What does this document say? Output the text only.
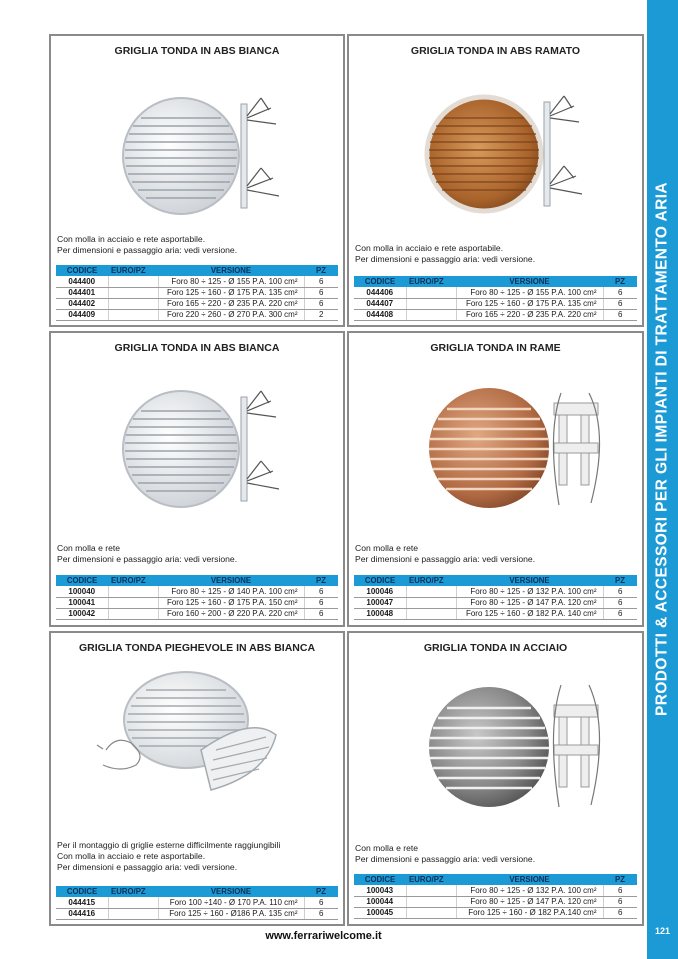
PRODOTTI & ACCESSORI PER GLI IMPIANTI DI TRATTAMENTO ARIA
121
GRIGLIA TONDA IN ABS BIANCA
Con molla in acciaio e rete asportabile.
Per dimensioni e passaggio aria: vedi versione.
CODICE	EURO/PZ	VERSIONE	PZ
044400		Foro 80 ÷ 125 - Ø 155 P.A. 100 cm²	6
044401		Foro 125 ÷ 160 - Ø 175 P.A. 135 cm²	6
044402		Foro 165 ÷ 220 - Ø 235 P.A. 220 cm²	6
044409		Foro 220 ÷ 260 - Ø 270 P.A. 300 cm²	2
GRIGLIA TONDA IN ABS RAMATO
Con molla in acciaio e rete asportabile.
Per dimensioni e passaggio aria: vedi versione.
CODICE	EURO/PZ	VERSIONE	PZ
044406		Foro 80 ÷ 125 - Ø 155 P.A. 100 cm²	6
044407		Foro 125 ÷ 160 - Ø 175 P.A. 135 cm²	6
044408		Foro 165 ÷ 220 - Ø 235 P.A. 220 cm²	6
GRIGLIA TONDA IN ABS BIANCA
Con molla e rete
Per dimensioni e passaggio aria: vedi versione.
CODICE	EURO/PZ	VERSIONE	PZ
100040		Foro 80 ÷ 125 - Ø 140 P.A. 100 cm²	6
100041		Foro 125 ÷ 160 - Ø 175 P.A. 150 cm²	6
100042		Foro 160 ÷ 200 - Ø 220 P.A. 220 cm²	6
GRIGLIA TONDA IN RAME
Con molla e rete
Per dimensioni e passaggio aria: vedi versione.
CODICE	EURO/PZ	VERSIONE	PZ
100046		Foro 80 ÷ 125 - Ø 132 P.A. 100 cm²	6
100047		Foro 80 ÷ 125 - Ø 147 P.A. 120 cm²	6
100048		Foro 125 ÷ 160 - Ø 182 P.A. 140 cm²	6
GRIGLIA TONDA PIEGHEVOLE IN ABS BIANCA
Per il montaggio di griglie esterne difficilmente raggiungibili
Con molla in acciaio e rete asportabile.
Per dimensioni e passaggio aria: vedi versione.
CODICE	EURO/PZ	VERSIONE	PZ
044415		Foro 100 ÷140 - Ø 170 P.A. 110 cm²	6
044416		Foro 125 ÷ 160 - Ø186 P.A. 135 cm²	6
GRIGLIA TONDA IN ACCIAIO
Con molla e rete
Per dimensioni e passaggio aria: vedi versione.
CODICE	EURO/PZ	VERSIONE	PZ
100043		Foro 80 ÷ 125 - Ø 132 P.A. 100 cm²	6
100044		Foro 80 ÷ 125 - Ø 147 P.A. 120 cm²	6
100045		Foro 125 ÷ 160 - Ø 182 P.A.140 cm²	6
www.ferrariwelcome.it
